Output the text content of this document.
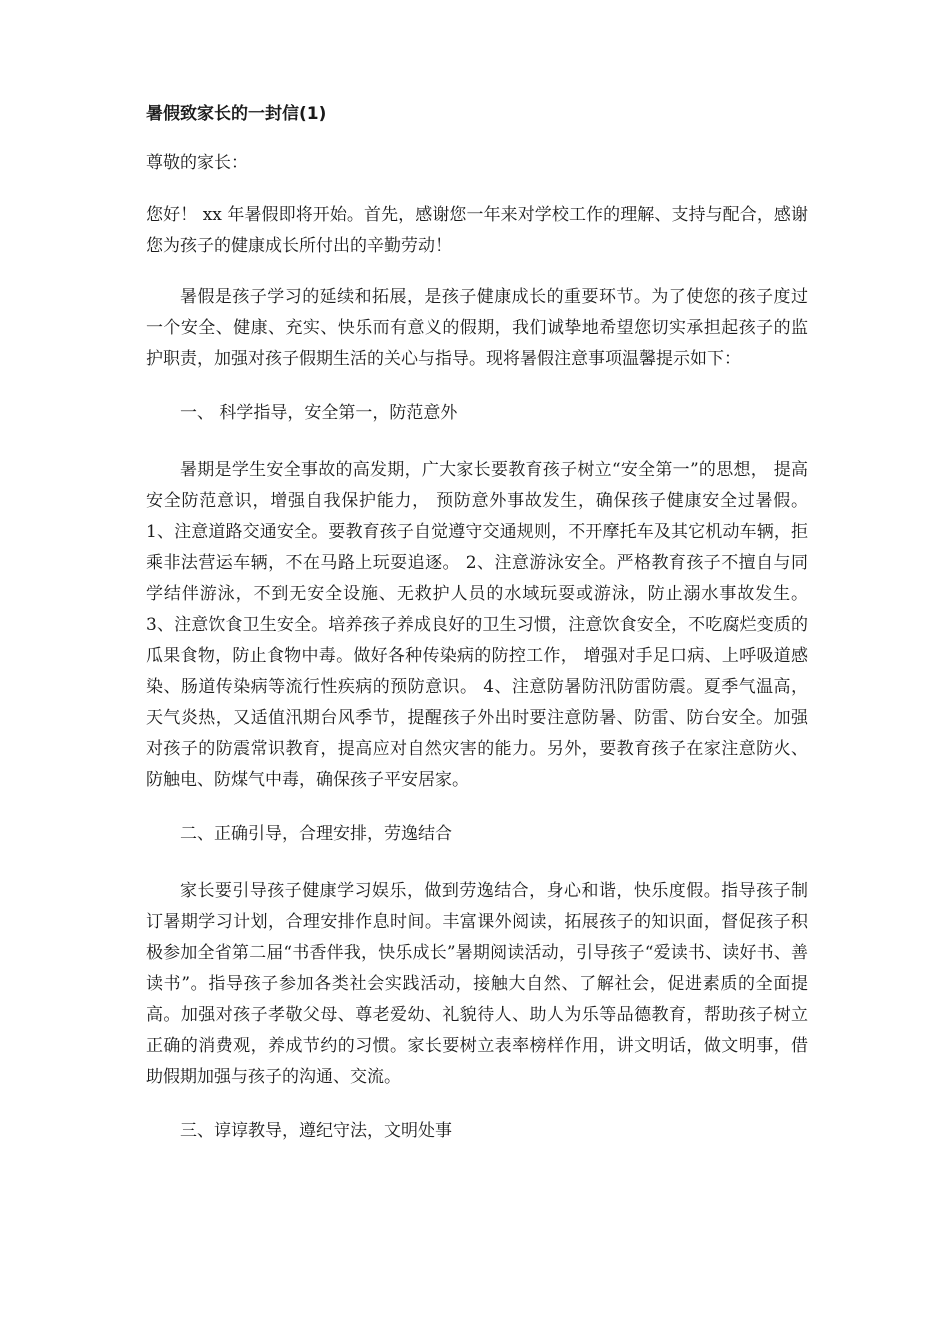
暑假致家长的一封信(1)

尊敬的家长：

您好！ xx 年暑假即将开始。首先，感谢您一年来对学校工作的理解、支持与配合，感谢您为孩子的健康成长所付出的辛勤劳动！

暑假是孩子学习的延续和拓展，是孩子健康成长的重要环节。为了使您的孩子度过一个安全、健康、充实、快乐而有意义的假期，我们诚挚地希望您切实承担起孩子的监护职责，加强对孩子假期生活的关心与指导。现将暑假注意事项温馨提示如下：

一、 科学指导，安全第一，防范意外

暑期是学生安全事故的高发期，广大家长要教育孩子树立“安全第一”的思想， 提高 安全防范意识，增强自我保护能力， 预防意外事故发生，确保孩子健康安全过暑假。 1、注意道路交通安全。要教育孩子自觉遵守交通规则，不开摩托车及其它机动车辆，拒乘非法营运车辆，不在马路上玩耍追逐。 2、注意游泳安全。严格教育孩子不擅自与同学结伴游泳，不到无安全设施、无救护人员的水域玩耍或游泳，防止溺水事故发生。 3、注意饮食卫生安全。培养孩子养成良好的卫生习惯，注意饮食安全，不吃腐烂变质的瓜果食物，防止食物中毒。做好各种传染病的防控工作， 增强对手足口病、上呼吸道感染、肠道传染病等流行性疾病的预防意识。 4、注意防暑防汛防雷防震。夏季气温高，天气炎热，又适值汛期台风季节，提醒孩子外出时要注意防暑、防雷、防台安全。加强对孩子的防震常识教育，提高应对自然灾害的能力。另外，要教育孩子在家注意防火、防触电、防煤气中毒，确保孩子平安居家。

二、正确引导，合理安排，劳逸结合

家长要引导孩子健康学习娱乐，做到劳逸结合，身心和谐，快乐度假。指导孩子制订暑期学习计划，合理安排作息时间。丰富课外阅读，拓展孩子的知识面，督促孩子积极参加全省第二届“书香伴我，快乐成长”暑期阅读活动，引导孩子“爱读书、读好书、善读书”。指导孩子参加各类社会实践活动，接触大自然、了解社会，促进素质的全面提高。加强对孩子孝敬父母、尊老爱幼、礼貌待人、助人为乐等品德教育，帮助孩子树立正确的消费观，养成节约的习惯。家长要树立表率榜样作用，讲文明话，做文明事，借助假期加强与孩子的沟通、交流。

三、谆谆教导，遵纪守法，文明处事
